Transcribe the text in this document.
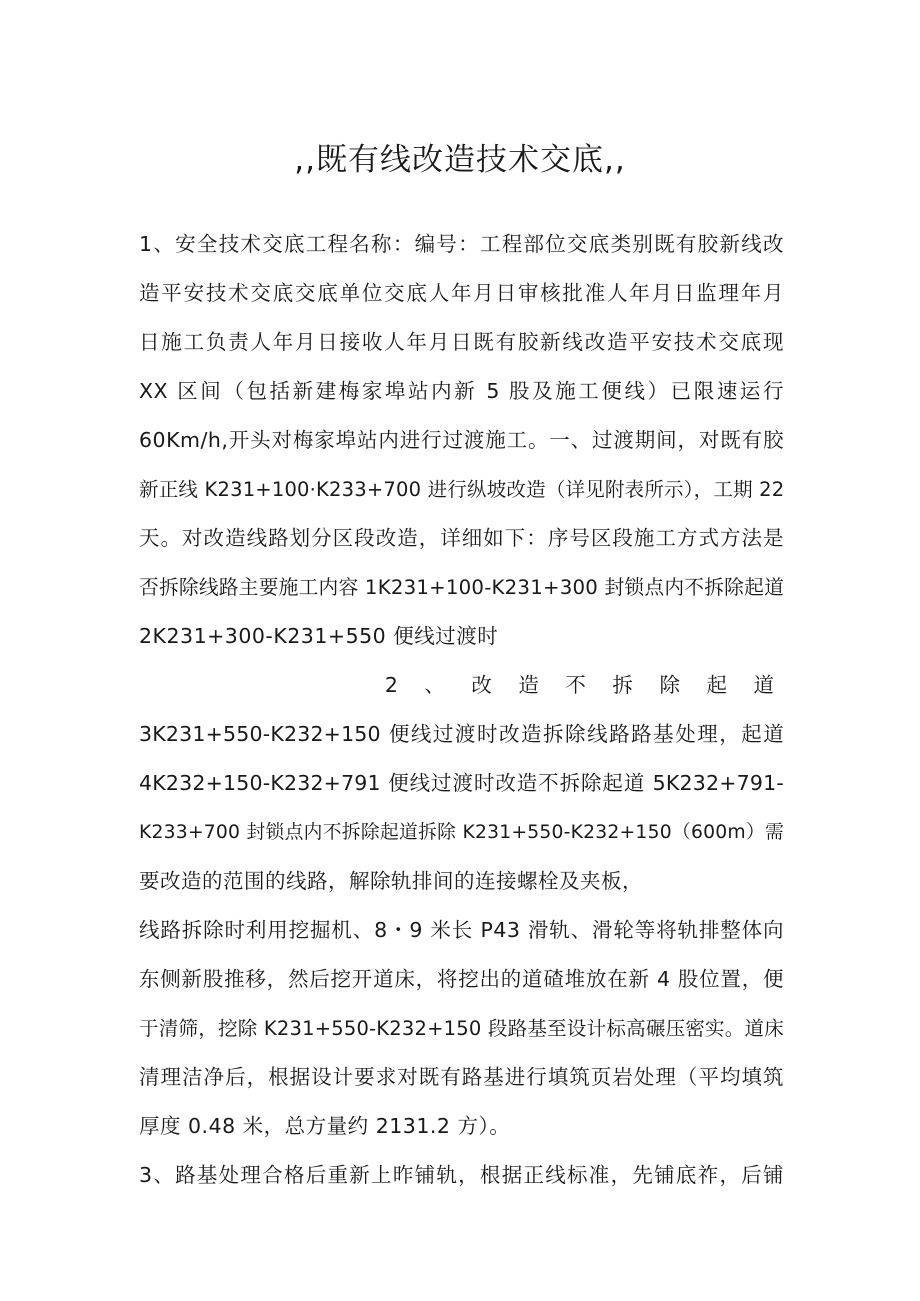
,,既有线改造技术交底,,
1、安全技术交底工程名称：编号：工程部位交底类别既有胶新线改
造平安技术交底交底单位交底人年月日审核批准人年月日监理年月
日施工负责人年月日接收人年月日既有胶新线改造平安技术交底现
XX 区间（包括新建梅家埠站内新 5 股及施工便线）已限速运行
60Km∕h,开头对梅家埠站内进行过渡施工。一、过渡期间，对既有胶
新正线 K231+100·K233+700 进行纵坡改造（详见附表所示），工期 22
天。对改造线路划分区段改造，详细如下：序号区段施工方式方法是
否拆除线路主要施工内容 1K231+100-K231+300 封锁点内不拆除起道
2K231+300-K231+550 便线过渡时
2 、 改 造 不 拆 除 起 道
3K231+550-K232+150 便线过渡时改造拆除线路路基处理，起道
4K232+150-K232+791 便线过渡时改造不拆除起道 5K232+791-
K233+700 封锁点内不拆除起道拆除 K231+550-K232+150（600m）需
要改造的范围的线路，解除轨排间的连接螺栓及夹板，
线路拆除时利用挖掘机、8・9 米长 P43 滑轨、滑轮等将轨排整体向
东侧新股推移，然后挖开道床，将挖出的道碴堆放在新 4 股位置，便
于清筛，挖除 K231+550-K232+150 段路基至设计标高碾压密实。道床
清理洁净后，根据设计要求对既有路基进行填筑页岩处理（平均填筑
厚度 0.48 米，总方量约 2131.2 方）。
3、路基处理合格后重新上昨铺轨，根据正线标准，先铺底祚，后铺
